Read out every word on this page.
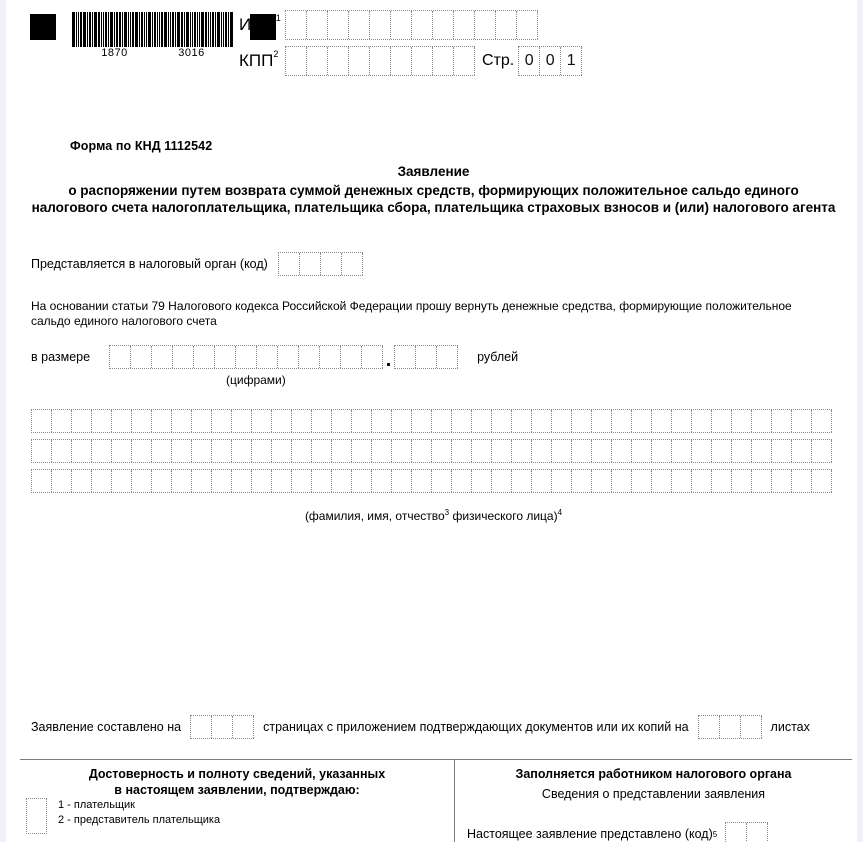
1870	3016
ИНН$^1$
КПП$^2$	Стр. 0 0 1
Форма по КНД 1112542
Заявление
о распоряжении путем возврата суммой денежных средств, формирующих положительное сальдо единого налогового счета налогоплательщика, плательщика сбора, плательщика страховых взносов и (или) налогового агента
Представляется в налоговый орган (код)
На основании статьи 79 Налогового кодекса Российской Федерации прошу вернуть денежные средства, формирующие положительное сальдо единого налогового счета
в размере	.	рублей
(цифрами)
(фамилия, имя, отчество$^3$ физического лица)$^4$
Заявление составлено на	страницах с приложением подтверждающих документов или их копий на	листах
Достоверность и полноту сведений, указанных
в настоящем заявлении, подтверждаю:
1 - плательщик
2 - представитель плательщика
Заполняется работником налогового органа
Сведения о представлении заявления
Настоящее заявление представлено (код) 5
